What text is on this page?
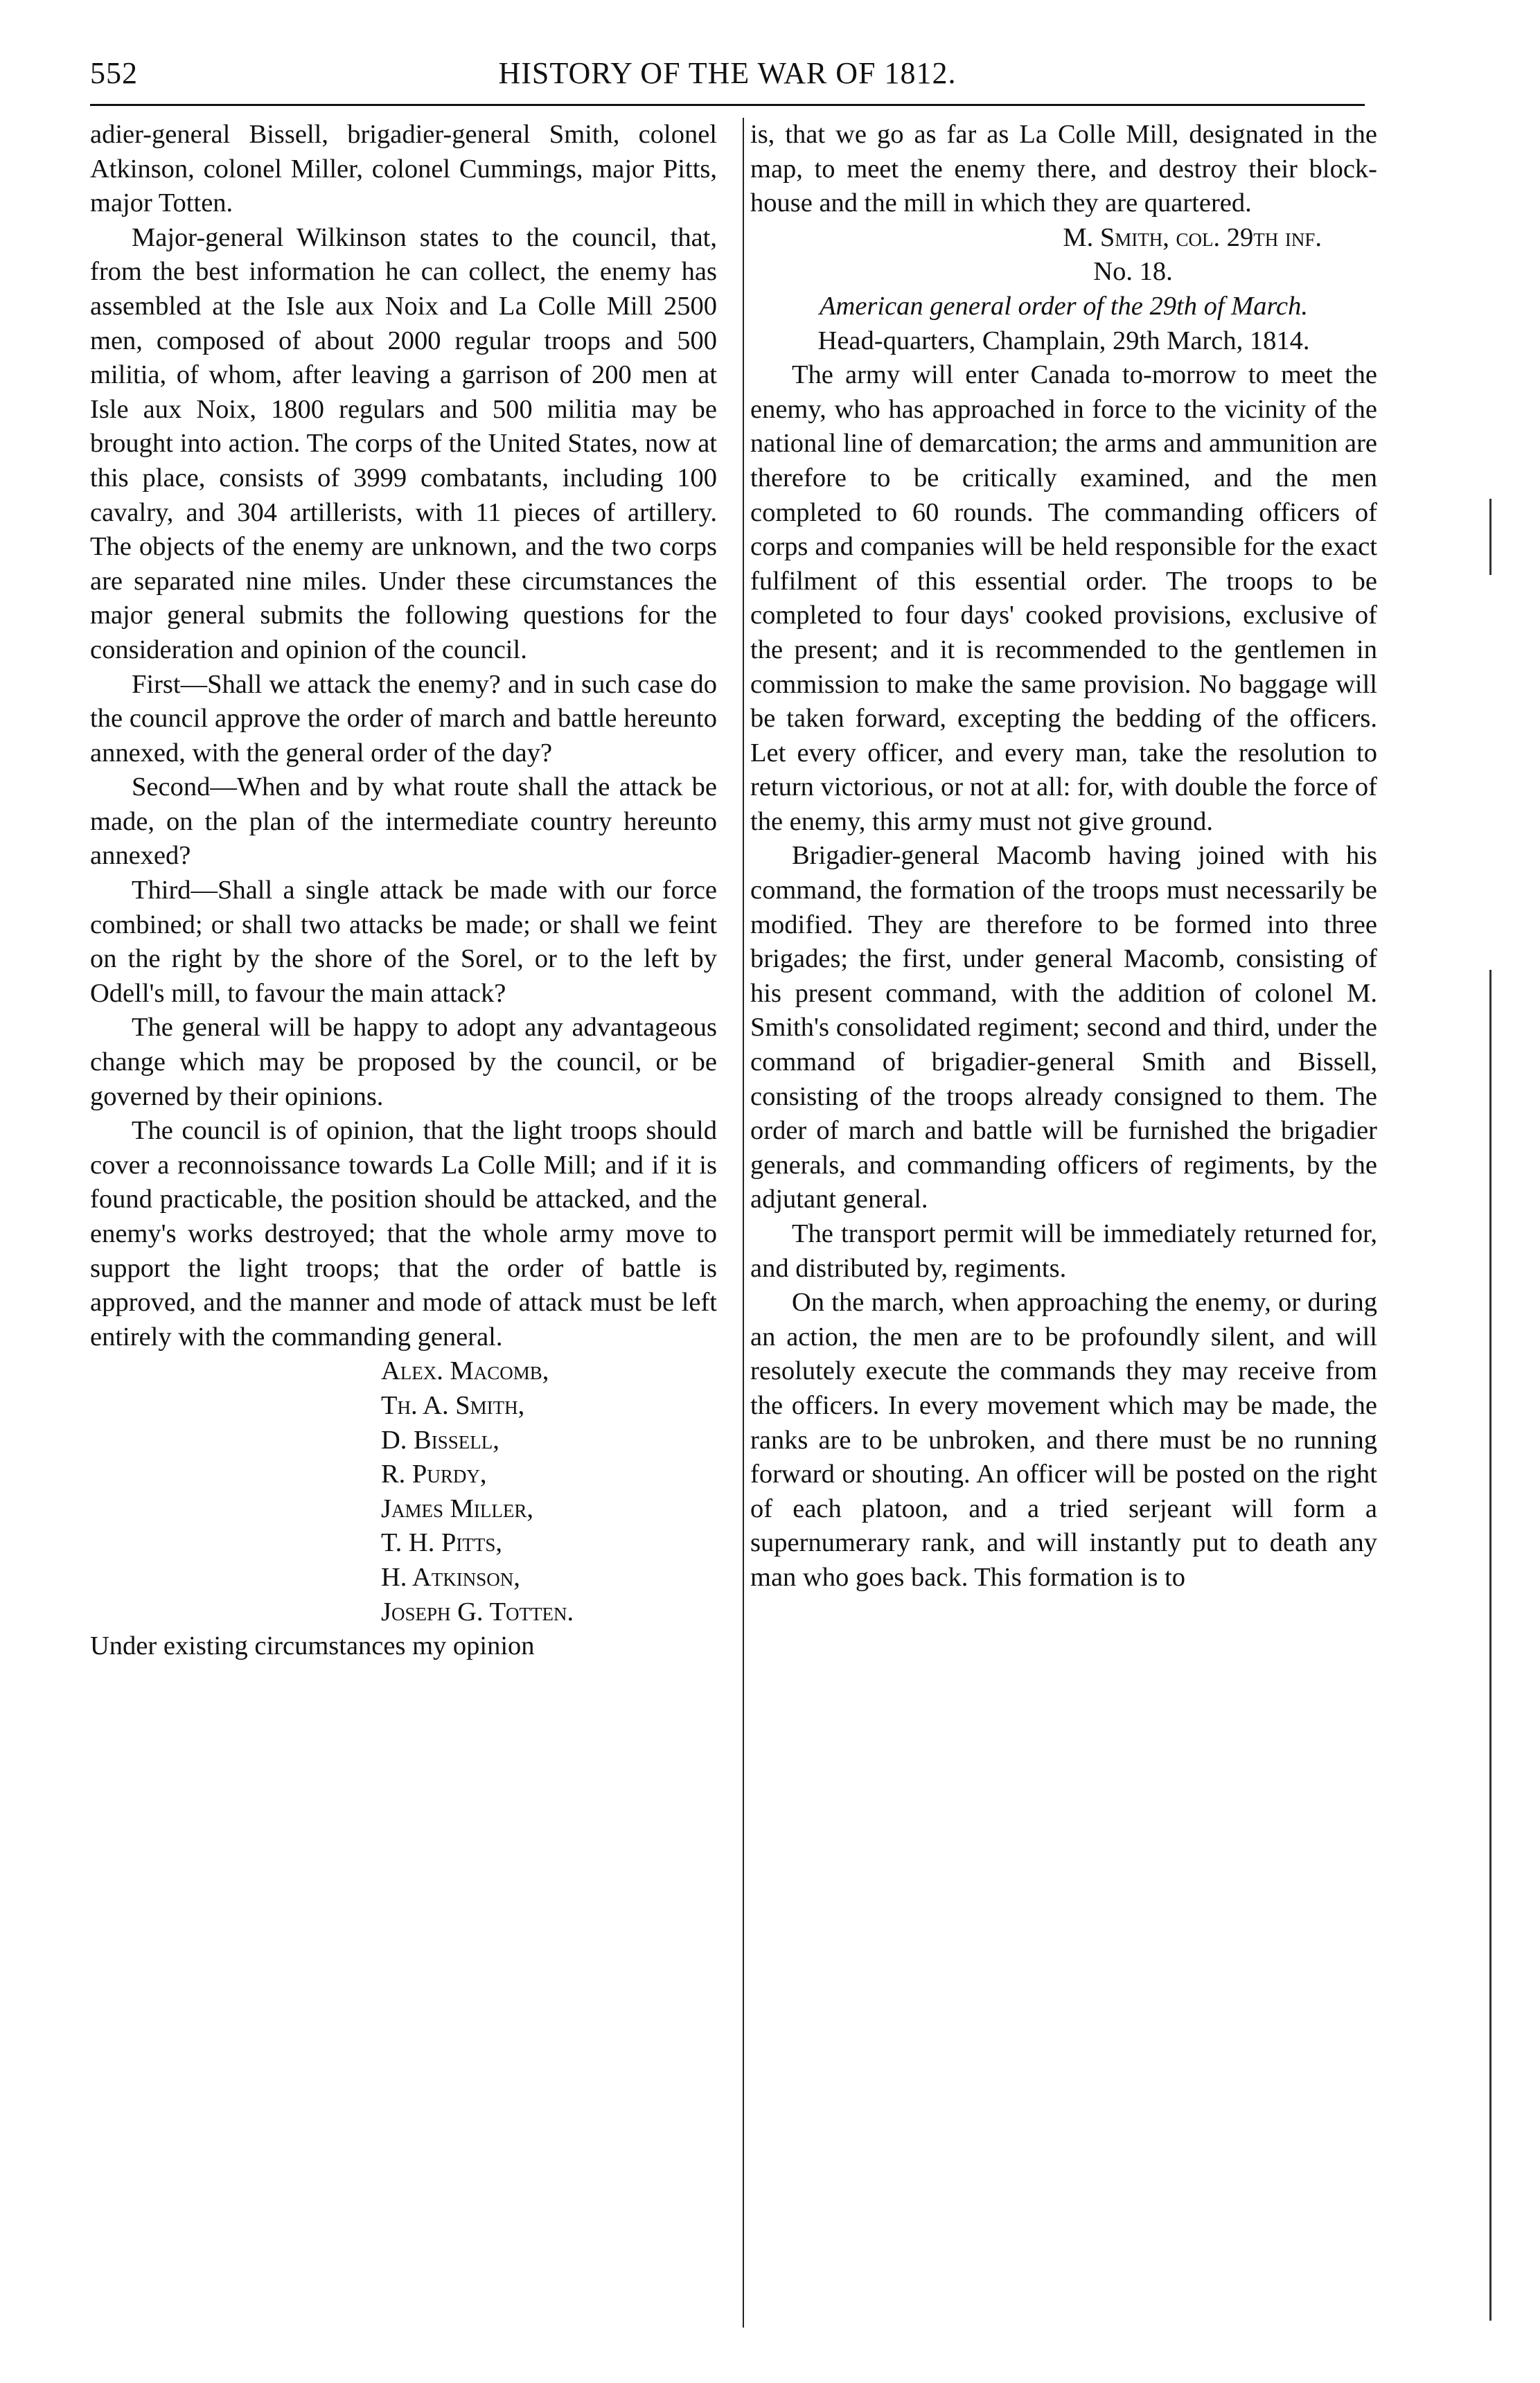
552	HISTORY OF THE WAR OF 1812.

adier-general Bissell, brigadier-general Smith, colonel Atkinson, colonel Miller, colonel Cummings, major Pitts, major Totten.

Major-general Wilkinson states to the council, that, from the best information he can collect, the enemy has assembled at the Isle aux Noix and La Colle Mill 2500 men, composed of about 2000 regular troops and 500 militia, of whom, after leaving a garrison of 200 men at Isle aux Noix, 1800 regulars and 500 militia may be brought into action. The corps of the United States, now at this place, consists of 3999 combatants, including 100 cavalry, and 304 artillerists, with 11 pieces of artillery. The objects of the enemy are unknown, and the two corps are separated nine miles. Under these circumstances the major general submits the following questions for the consideration and opinion of the council.

First—Shall we attack the enemy? and in such case do the council approve the order of march and battle hereunto annexed, with the general order of the day?

Second—When and by what route shall the attack be made, on the plan of the intermediate country hereunto annexed?

Third—Shall a single attack be made with our force combined; or shall two attacks be made; or shall we feint on the right by the shore of the Sorel, or to the left by Odell's mill, to favour the main attack?

The general will be happy to adopt any advantageous change which may be proposed by the council, or be governed by their opinions.

The council is of opinion, that the light troops should cover a reconnoissance towards La Colle Mill; and if it is found practicable, the position should be attacked, and the enemy's works destroyed; that the whole army move to support the light troops; that the order of battle is approved, and the manner and mode of attack must be left entirely with the commanding general.

Alex. Macomb,

Th. A. Smith,

D. Bissell,

R. Purdy,

James Miller,

T. H. Pitts,

H. Atkinson,

Joseph G. Totten.

Under existing circumstances my opinion

is, that we go as far as La Colle Mill, designated in the map, to meet the enemy there, and destroy their block-house and the mill in which they are quartered.

M. Smith, col. 29th inf.

No. 18.

American general order of the 29th of March.

Head-quarters, Champlain, 29th March, 1814.

The army will enter Canada to-morrow to meet the enemy, who has approached in force to the vicinity of the national line of demarcation; the arms and ammunition are therefore to be critically examined, and the men completed to 60 rounds. The commanding officers of corps and companies will be held responsible for the exact fulfilment of this essential order. The troops to be completed to four days' cooked provisions, exclusive of the present; and it is recommended to the gentlemen in commission to make the same provision. No baggage will be taken forward, excepting the bedding of the officers. Let every officer, and every man, take the resolution to return victorious, or not at all: for, with double the force of the enemy, this army must not give ground.

Brigadier-general Macomb having joined with his command, the formation of the troops must necessarily be modified. They are therefore to be formed into three brigades; the first, under general Macomb, consisting of his present command, with the addition of colonel M. Smith's consolidated regiment; second and third, under the command of brigadier-general Smith and Bissell, consisting of the troops already consigned to them. The order of march and battle will be furnished the brigadier generals, and commanding officers of regiments, by the adjutant general.

The transport permit will be immediately returned for, and distributed by, regiments.

On the march, when approaching the enemy, or during an action, the men are to be profoundly silent, and will resolutely execute the commands they may receive from the officers. In every movement which may be made, the ranks are to be unbroken, and there must be no running forward or shouting. An officer will be posted on the right of each platoon, and a tried serjeant will form a supernumerary rank, and will instantly put to death any man who goes back. This formation is to
